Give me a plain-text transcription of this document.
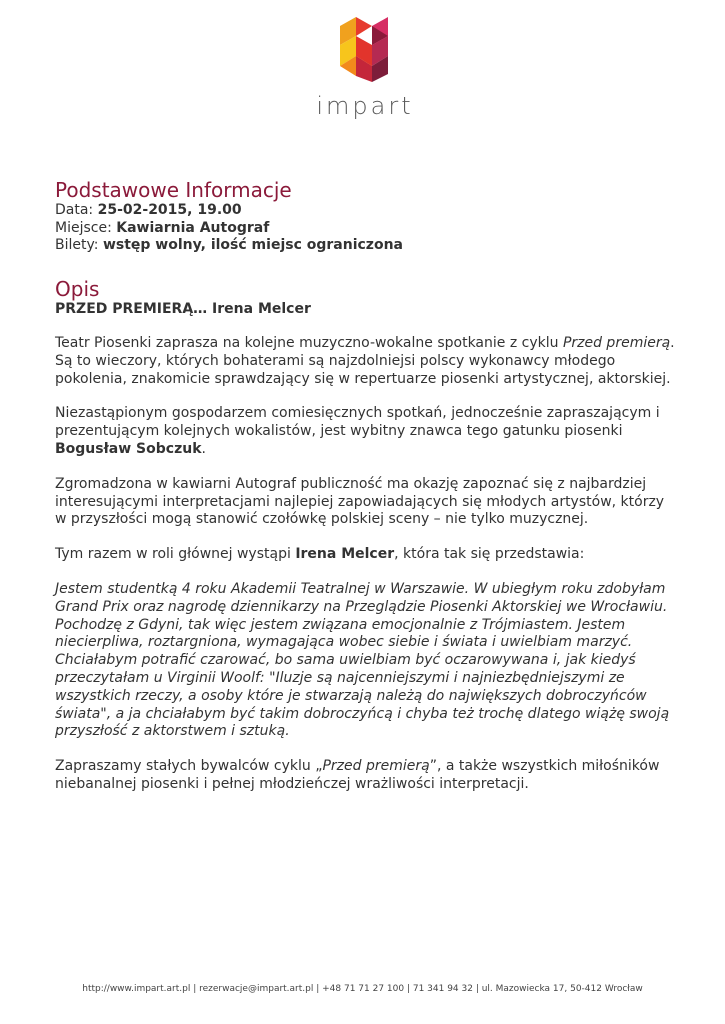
impart
Podstawowe Informacje
Data: 25-02-2015, 19.00
Miejsce: Kawiarnia Autograf
Bilety: wstęp wolny, ilość miejsc ograniczona
Opis
PRZED PREMIERĄ… Irena Melcer

Teatr Piosenki zaprasza na kolejne muzyczno-wokalne spotkanie z cyklu Przed premierą. Są to wieczory, których bohaterami są najzdolniejsi polscy wykonawcy młodego pokolenia, znakomicie sprawdzający się w repertuarze piosenki artystycznej, aktorskiej.

Niezastąpionym gospodarzem comiesięcznych spotkań, jednocześnie zapraszającym i prezentującym kolejnych wokalistów, jest wybitny znawca tego gatunku piosenki Bogusław Sobczuk.

Zgromadzona w kawiarni Autograf publiczność ma okazję zapoznać się z najbardziej interesującymi interpretacjami najlepiej zapowiadających się młodych artystów, którzy w przyszłości mogą stanowić czołówkę polskiej sceny – nie tylko muzycznej.

Tym razem w roli głównej wystąpi Irena Melcer, która tak się przedstawia:

Jestem studentką 4 roku Akademii Teatralnej w Warszawie. W ubiegłym roku zdobyłam Grand Prix oraz nagrodę dziennikarzy na Przeglądzie Piosenki Aktorskiej we Wrocławiu. Pochodzę z Gdyni, tak więc jestem związana emocjonalnie z Trójmiastem. Jestem niecierpliwa, roztargniona, wymagająca wobec siebie i świata i uwielbiam marzyć. Chciałabym potrafić czarować, bo sama uwielbiam być oczarowywana i, jak kiedyś przeczytałam u Virginii Woolf: "Iluzje są najcenniejszymi i najniezbędniejszymi ze wszystkich rzeczy, a osoby które je stwarzają należą do największych dobroczyńców świata", a ja chciałabym być takim dobroczyńcą i chyba też trochę dlatego wiążę swoją przyszłość z aktorstwem i sztuką.

Zapraszamy stałych bywalców cyklu „Przed premierą”, a także wszystkich miłośników niebanalnej piosenki i pełnej młodzieńczej wrażliwości interpretacji.

http://www.impart.art.pl | rezerwacje@impart.art.pl | +48 71 71 27 100 | 71 341 94 32 | ul. Mazowiecka 17, 50-412 Wrocław
